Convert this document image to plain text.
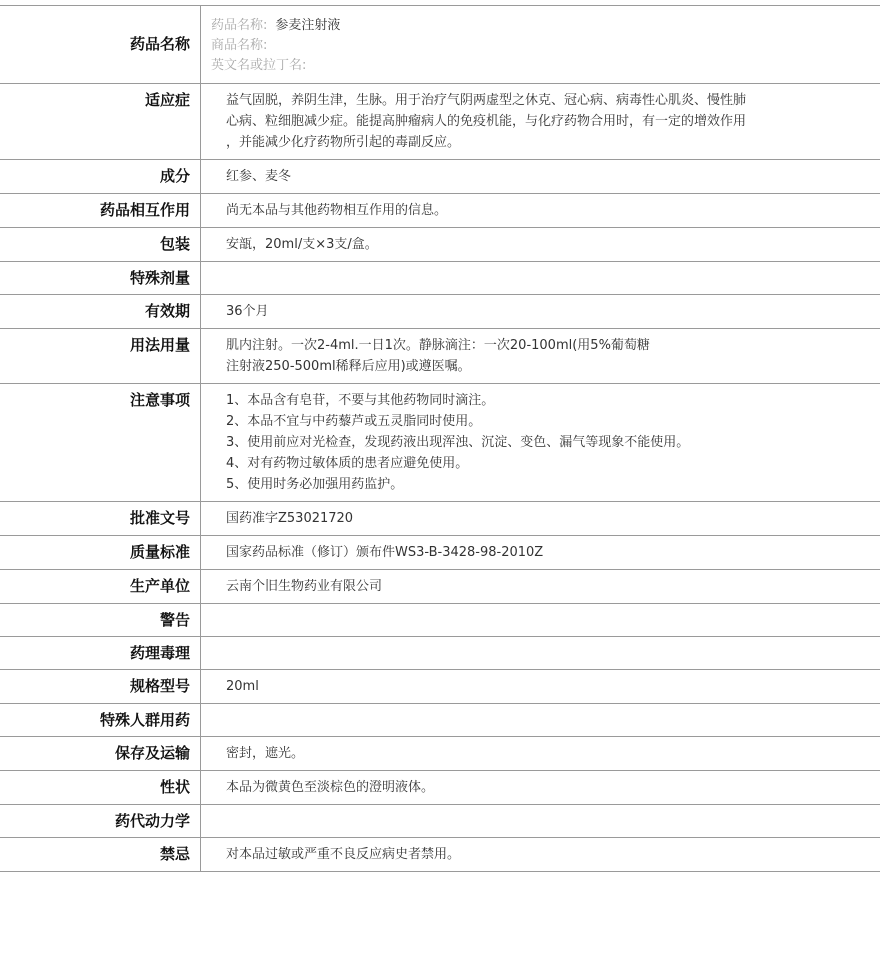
药品名称	药品名称: 参麦注射液
商品名称:
英文名或拉丁名:

适应症	益气固脱，养阴生津，生脉。用于治疗气阴两虚型之休克、冠心病、病毒性心肌炎、慢性肺
心病、粒细胞减少症。能提高肿瘤病人的免疫机能，与化疗药物合用时，有一定的增效作用
，并能减少化疗药物所引起的毒副反应。

成分	红参、麦冬

药品相互作用	尚无本品与其他药物相互作用的信息。

包装	安瓿，20ml/支×3支/盒。

特殊剂量	

有效期	36个月

用法用量	肌内注射。一次2-4ml.一日1次。静脉滴注：一次20-100ml(用5%葡萄糖
注射液250-500ml稀释后应用)或遵医嘱。

注意事项	1、本品含有皂苷，不要与其他药物同时滴注。
2、本品不宜与中药藜芦或五灵脂同时使用。
3、使用前应对光检查，发现药液出现浑浊、沉淀、变色、漏气等现象不能使用。
4、对有药物过敏体质的患者应避免使用。
5、使用时务必加强用药监护。

批准文号	国药准字Z53021720

质量标准	国家药品标准（修订）颁布件WS3-B-3428-98-2010Z

生产单位	云南个旧生物药业有限公司

警告	

药理毒理	

规格型号	20ml

特殊人群用药	

保存及运输	密封，遮光。

性状	本品为微黄色至淡棕色的澄明液体。

药代动力学	

禁忌	对本品过敏或严重不良反应病史者禁用。
